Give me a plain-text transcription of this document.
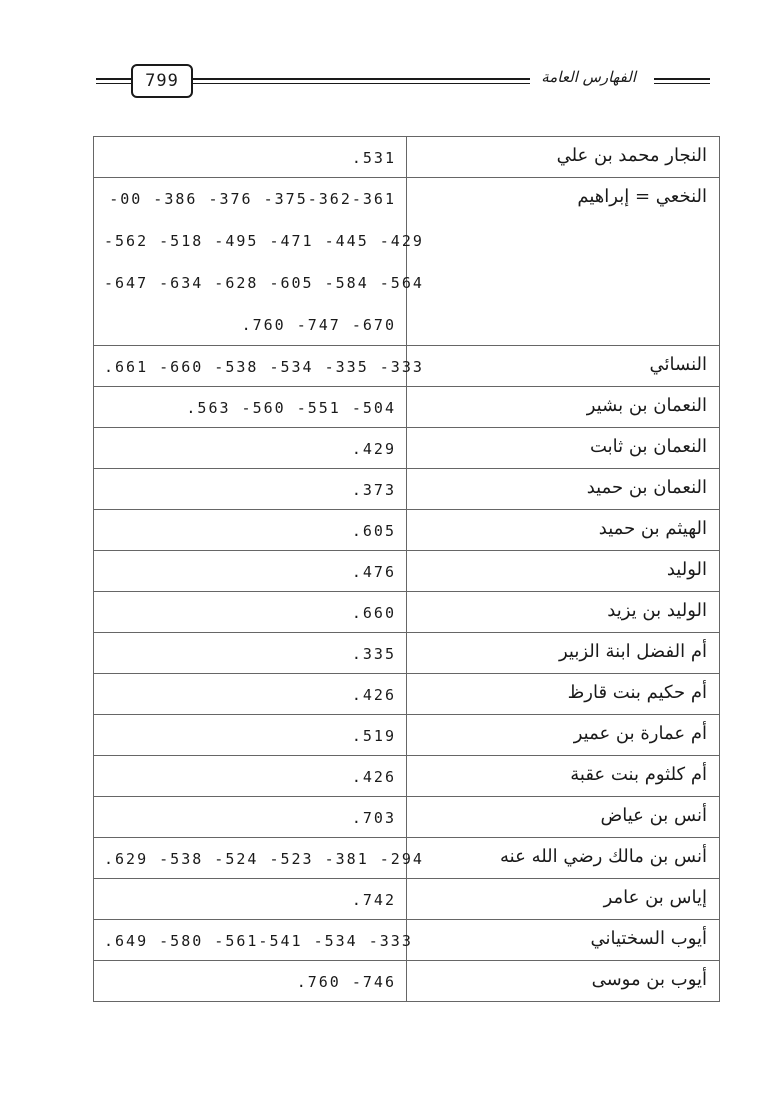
799	الفهارس العامة
النجار محمد بن علي	.531

النخعي = إبراهيم	-00 -386 -376 -375-362-361
-562 -518 -495 -471 -445 -429
-647 -634 -628 -605 -584 -564
.760 -747 -670

النسائي	.661 -660 -538 -534 -335 -333

النعمان بن بشير	.563 -560 -551 -504

النعمان بن ثابت	.429

النعمان بن حميد	.373

الهيثم بن حميد	.605

الوليد	.476

الوليد بن يزيد	.660

أم الفضل ابنة الزبير	.335

أم حكيم بنت قارظ	.426

أم عمارة بن عمير	.519

أم كلثوم بنت عقبة	.426

أنس بن عياض	.703

أنس بن مالك رضي الله عنه	.629 -538 -524 -523 -381 -294

إياس بن عامر	.742

أيوب السختياني	.649 -580 -561-541 -534 -333

أيوب بن موسى	.760 -746
